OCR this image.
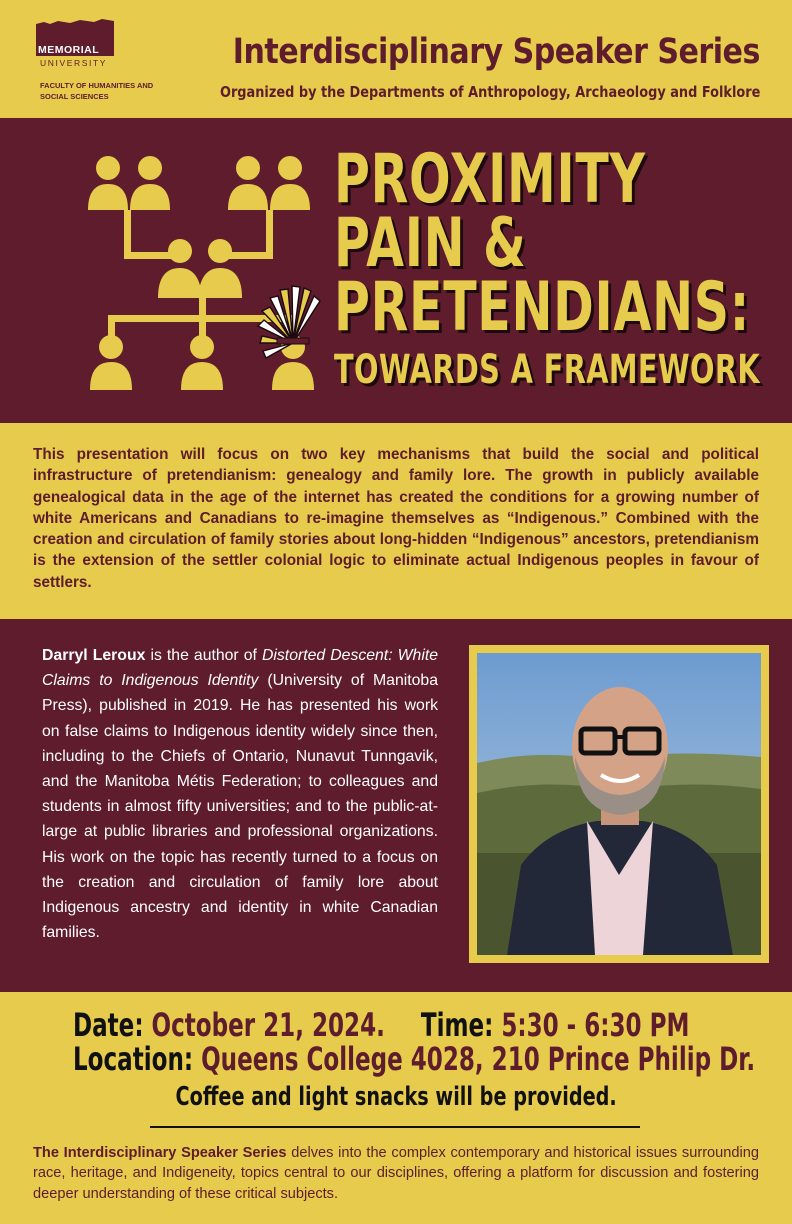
MEMORIAL
UNIVERSITY
FACULTY OF HUMANITIES AND SOCIAL SCIENCES
Interdisciplinary Speaker Series
Organized by the Departments of Anthropology, Archaeology and Folklore
PROXIMITY
PAIN &
PRETENDIANS:
TOWARDS A FRAMEWORK

This presentation will focus on two key mechanisms that build the social and political infrastructure of pretendianism: genealogy and family lore. The growth in publicly available genealogical data in the age of the internet has created the conditions for a growing number of white Americans and Canadians to re-imagine themselves as “Indigenous.” Combined with the creation and circulation of family stories about long-hidden “Indigenous” ancestors, pretendianism is the extension of the settler colonial logic to eliminate actual Indigenous peoples in favour of settlers.

Darryl Leroux is the author of Distorted Descent: White Claims to Indigenous Identity (University of Manitoba Press), published in 2019. He has presented his work on false claims to Indigenous identity widely since then, including to the Chiefs of Ontario, Nunavut Tunngavik, and the Manitoba Métis Federation; to colleagues and students in almost fifty universities; and to the public-at-large at public libraries and professional organizations. His work on the topic has recently turned to a focus on the creation and circulation of family lore about Indigenous ancestry and identity in white Canadian families.
Date: October 21, 2024. Time: 5:30 - 6:30 PM
Location: Queens College 4028, 210 Prince Philip Dr.
Coffee and light snacks will be provided.
The Interdisciplinary Speaker Series delves into the complex contemporary and historical issues surrounding race, heritage, and Indigeneity, topics central to our disciplines, offering a platform for discussion and fostering deeper understanding of these critical subjects.
